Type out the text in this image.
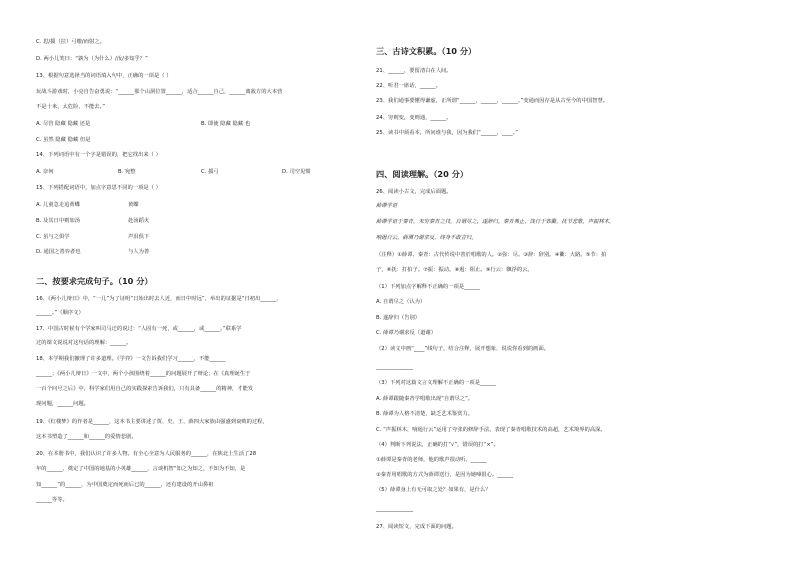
C. 思/援（拉）弓缴/而射之。
D. 两小儿笑曰：“孰为（为什么）/汝/多知乎？”
13、根据句意选择当的词语填入句中，正确的一项是（ ）
玩战斗游戏时，小亮自告奋勇说：“______那个山洞位置______，适合______自己，______离敌方的大本营
不是十米，太危险，不能去。”
14、下列词语中有一个字是错误的，把它找出来（ ）
15、下列搭配词语中，加点字意思不同的一项是（ ）
16、《两小儿辩日》中，“一儿”为了证明“日始出时去人近，而日中时远”，举出的证据是“日初出______，
______。”（顺序文）
17、中国古时候有个学家叫司马迁的说过：“人固有一死，或______，或______。”联系学
过的课文说说对这句话的理解：______。
18、本学期我们撤理了许多道理。《学弈》一文告诉我们学习______，不能______
______；《两小儿辩日》一文中，两个小孩围绕着______的问题展开了辩论；在《真理诞生于
一百个问号之后》中，科学家们用自己的实践探索告诉我们，只有具备______的精神，才能发
现问题，______问题。
19、《红楼梦》的作者是______，这本书主要讲述了贾、史、王、薛四大家族由强盛到衰败的过程，
这本书塑造了______和______的爱情悲剧。
20、在本册书中，我们认识了许多人物。有全心全意为人民服务的______，在陕北上生活了28
年的______，奠定了中国的地基的小英雄______，言谈机智“知之为知之，不知为不知，是
知______”的______，为中国奠定而死而后已的______，还有建设的开山鼻祖
______等等。
A. 尽管 隐藏 隐藏 还是	B. 即使 隐藏 隐藏 也
C. 虽然 隐藏 隐藏 但是
A. 奈何	B. 宛整	C. 援弓	D. 司空见惯
A. 儿童急走追黄蝶	黄蝶
B. 及其日中则如汤	赴汤蹈火
C. 虽与之俱学	声泪俱下
D. 通国之善弈者也	与人为善
二、按要求完成句子。（10 分）
三、古诗文积累。（10 分）
四、阅读理解。（20 分）
21、______，要留清白在人间。
22、听君一席话，______。
23、我们通事要懂得谦虚，正所谓“______，______，______。”变通而因存是从古至今的中国智慧。
24、穷则变，变则通，______。
25、读书中须看本，所问谁与我，因为我们“______，____。”
26、阅读小古文，完成后面题。
（注释）①薛谭、秦青：古代传说中善於唱歌的人。②弥：尽。③辞：辞别。④衢：大路。⑤节：拍
子，⑥抚：打拍子。⑦振：振动。⑧遏：阻止。⑨行云：飘浮的云。
（1）下列加点字解释不正确的一项是______
A. 自谓尽之（认为）
B. 遂辞归（告别）
C. 薛谭乃谢求反（道谢）
（2）读文中画“____”线句子，结合注释，展开想象，说说你看到的画面。
______________
（3）下列对这篇文言文理解不正确的一项是______
A. 薛谭跟随秦青学唱歌出现“自谓尽之”。
B. 薛谭为人格不清楚，缺乏艺术鉴赏力。
C. “声振林木，响遏行云”运用了夸张的修辞手法，表现了秦青唱歌技术的高超，艺术境界的高深。
（4）判断下列说法，正确的打“√”，错误的打“×”。
①薛谭是秦青的老师，他的歌声很动听。______
②秦青用唱歌的方式为薛谭送行，是因为她嗓很心。______
（5）薛谭身上有无可取之处？如果有，是什么？
______________
27、阅读短文，完成下面的问题。
薛谭学讴
薛谭学讴于秦青，未穷秦青之技，自谓尽之，遂辞归。秦青弗止，饯行于郊衢，抚节悲歌，声振林木，
响遏行云。薛谭乃谢求反，终身不敢言归。
